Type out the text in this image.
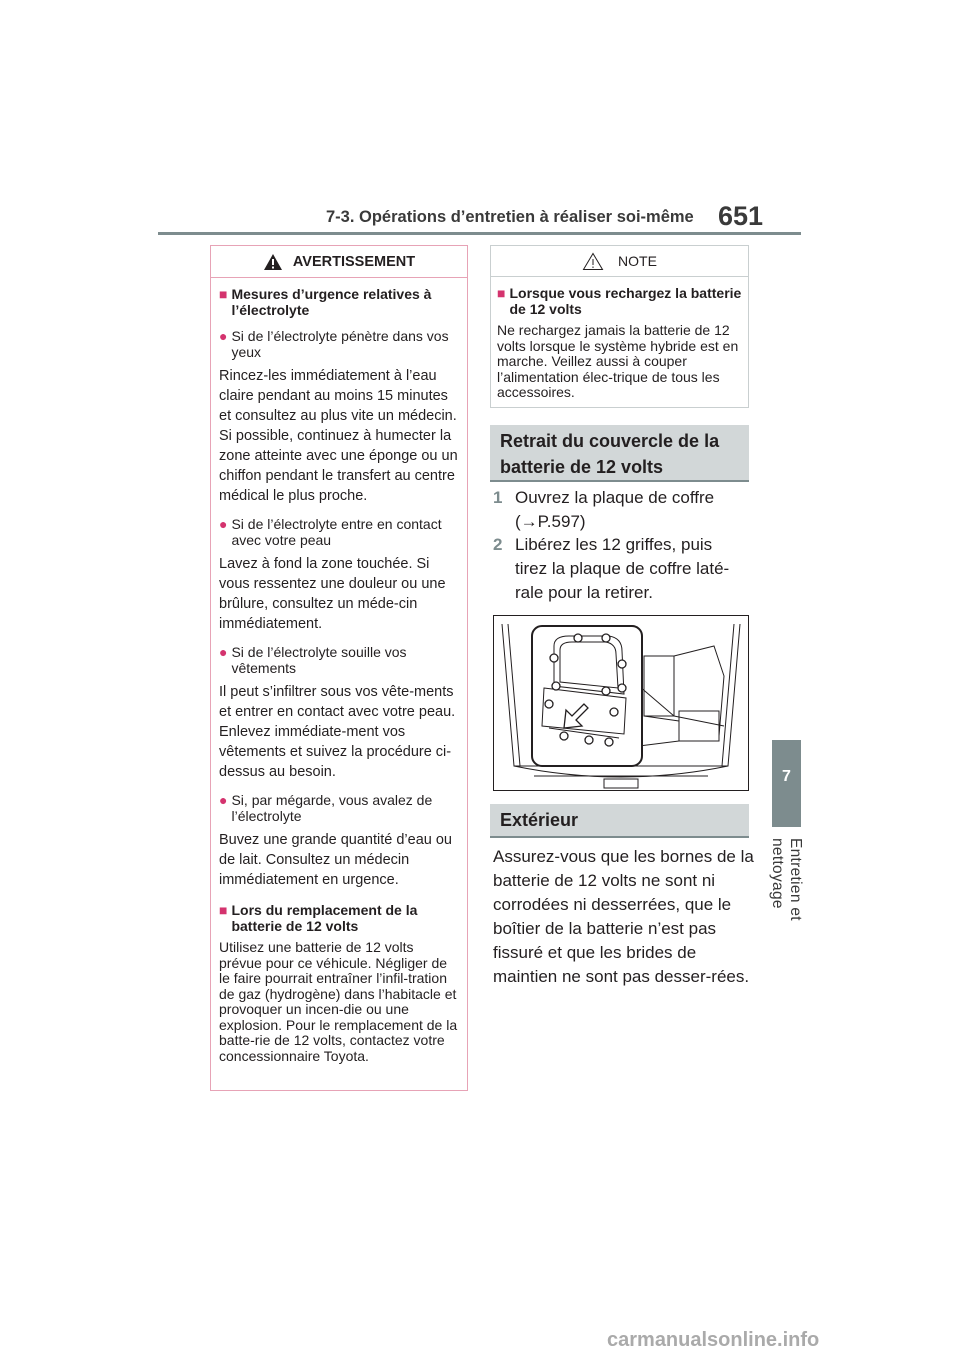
7-3. Opérations d’entretien à réaliser soi-même 651
7
Entretien et nettoyage
AVERTISSEMENT
■ Mesures d’urgence relatives à l’électrolyte
● Si de l’électrolyte pénètre dans vos yeux
Rincez-les immédiatement à l’eau claire pendant au moins 15 minutes et consultez au plus vite un médecin. Si possible, continuez à humecter la zone atteinte avec une éponge ou un chiffon pendant le transfert au centre médical le plus proche.
● Si de l’électrolyte entre en contact avec votre peau
Lavez à fond la zone touchée. Si vous ressentez une douleur ou une brûlure, consultez un méde-cin immédiatement.
● Si de l’électrolyte souille vos vêtements
Il peut s’infiltrer sous vos vête-ments et entrer en contact avec votre peau. Enlevez immédiate-ment vos vêtements et suivez la procédure ci-dessus au besoin.
● Si, par mégarde, vous avalez de l’électrolyte
Buvez une grande quantité d’eau ou de lait. Consultez un médecin immédiatement en urgence.
■ Lors du remplacement de la batterie de 12 volts
Utilisez une batterie de 12 volts prévue pour ce véhicule. Négliger de le faire pourrait entraîner l’infil-tration de gaz (hydrogène) dans l’habitacle et provoquer un incen-die ou une explosion. Pour le remplacement de la batte-rie de 12 volts, contactez votre concessionnaire Toyota.
NOTE
■ Lorsque vous rechargez la batterie de 12 volts
Ne rechargez jamais la batterie de 12 volts lorsque le système hybride est en marche. Veillez aussi à couper l’alimentation élec-trique de tous les accessoires.
Retrait du couvercle de la batterie de 12 volts
1 Ouvrez la plaque de coffre (→P.597)
2 Libérez les 12 griffes, puis tirez la plaque de coffre laté-rale pour la retirer.
Extérieur
Assurez-vous que les bornes de la batterie de 12 volts ne sont ni corrodées ni desserrées, que le boîtier de la batterie n’est pas fissuré et que les brides de maintien ne sont pas desser-rées.
carmanualsonline.info
